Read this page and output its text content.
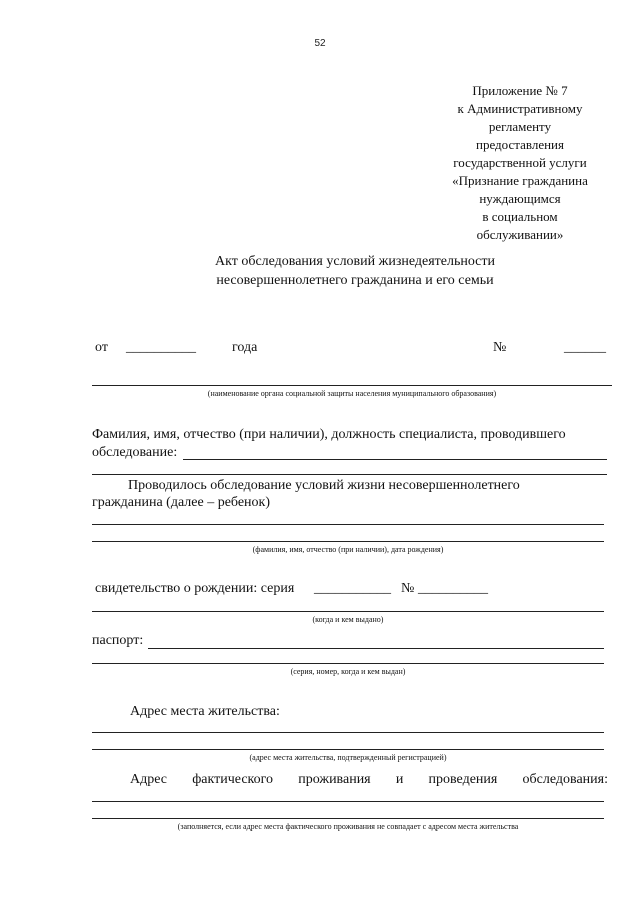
52
Приложение № 7
к Административному
регламенту
предоставления
государственной услуги
«Признание гражданина
нуждающимся
в социальном
обслуживании»
Акт обследования условий жизнедеятельности
несовершеннолетнего гражданина и его семьи
от __________	года	№	______
(наименование органа социальной защиты населения муниципального образования)
Фамилия, имя, отчество (при наличии), должность специалиста, проводившего
обследование:
Проводилось обследование условий жизни несовершеннолетнего
гражданина (далее – ребенок)
(фамилия, имя, отчество (при наличии), дата рождения)
свидетельство о рождении: серия ___________ № __________
(когда и кем выдано)
паспорт:
(серия, номер, когда и кем выдан)
Адрес места жительства:
(адрес места жительства, подтвержденный регистрацией)
Адрес фактического проживания и проведения обследования:
(заполняется, если адрес места фактического проживания не совпадает с адресом места жительства
